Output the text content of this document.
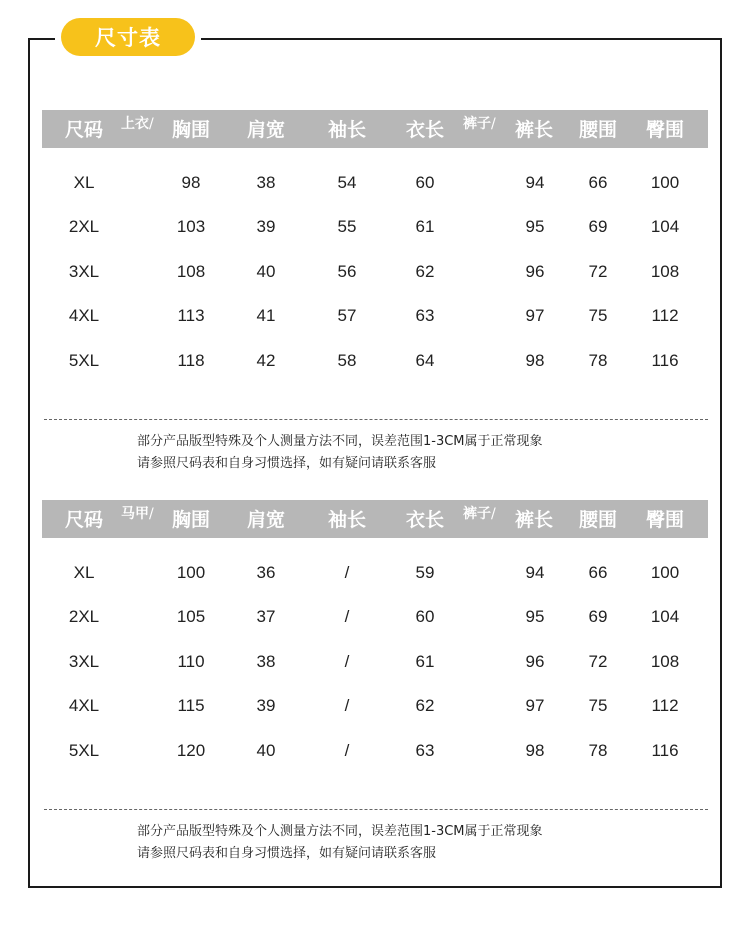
尺寸表
尺码 上衣/ 胸围 肩宽 袖长 衣长 裤子/ 裤长 腰围 臀围
XL	98	38	54	60	94	66	100
2XL	103	39	55	61	95	69	104
3XL	108	40	56	62	96	72	108
4XL	113	41	57	63	97	75	112
5XL	118	42	58	64	98	78	116
部分产品版型特殊及个人测量方法不同，误差范围1-3CM属于正常现象
请参照尺码表和自身习惯选择，如有疑问请联系客服
尺码 马甲/ 胸围 肩宽 袖长 衣长 裤子/ 裤长 腰围 臀围
XL	100	36	/	59	94	66	100
2XL	105	37	/	60	95	69	104
3XL	110	38	/	61	96	72	108
4XL	115	39	/	62	97	75	112
5XL	120	40	/	63	98	78	116
部分产品版型特殊及个人测量方法不同，误差范围1-3CM属于正常现象
请参照尺码表和自身习惯选择，如有疑问请联系客服
